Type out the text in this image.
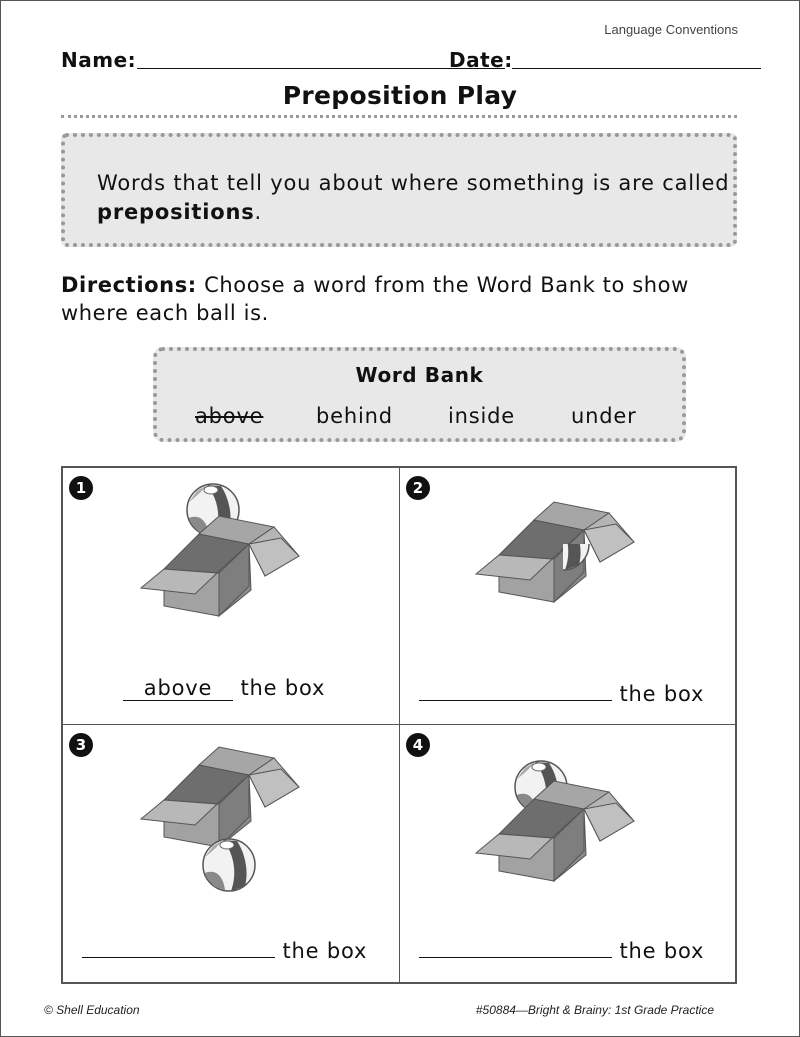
Language Conventions
Name:	Date:
Preposition Play

Words that tell you about where something is are called prepositions.

Directions: Choose a word from the Word Bank to show where each ball is.
Word Bank
above	behind	inside	under
1
above the box
2
the box
3
the box
4
the box
© Shell Education	#50884—Bright & Brainy: 1st Grade Practice
